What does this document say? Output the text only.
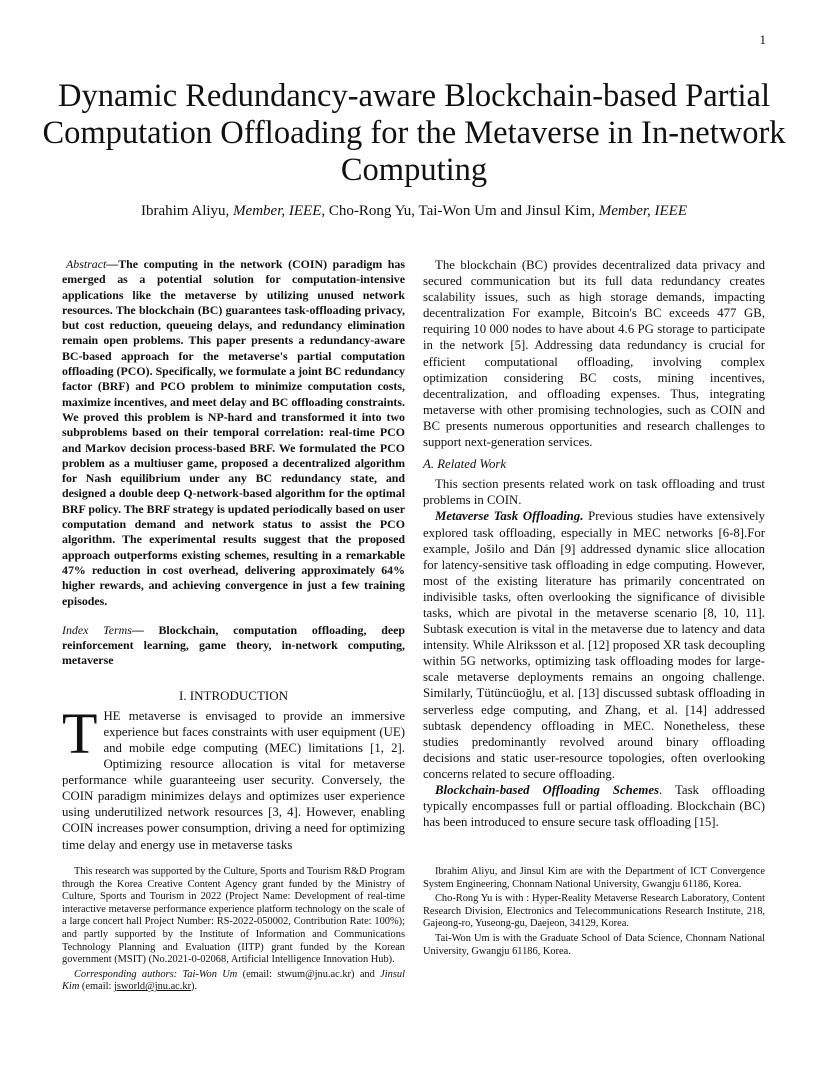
1
Dynamic Redundancy-aware Blockchain-based Partial Computation Offloading for the Metaverse in In-network Computing
Ibrahim Aliyu, Member, IEEE, Cho-Rong Yu, Tai-Won Um and Jinsul Kim, Member, IEEE

Abstract—The computing in the network (COIN) paradigm has emerged as a potential solution for computation-intensive applications like the metaverse by utilizing unused network resources. The blockchain (BC) guarantees task-offloading privacy, but cost reduction, queueing delays, and redundancy elimination remain open problems. This paper presents a redundancy-aware BC-based approach for the metaverse's partial computation offloading (PCO). Specifically, we formulate a joint BC redundancy factor (BRF) and PCO problem to minimize computation costs, maximize incentives, and meet delay and BC offloading constraints. We proved this problem is NP-hard and transformed it into two subproblems based on their temporal correlation: real-time PCO and Markov decision process-based BRF. We formulated the PCO problem as a multiuser game, proposed a decentralized algorithm for Nash equilibrium under any BC redundancy state, and designed a double deep Q-network-based algorithm for the optimal BRF policy. The BRF strategy is updated periodically based on user computation demand and network status to assist the PCO algorithm. The experimental results suggest that the proposed approach outperforms existing schemes, resulting in a remarkable 47% reduction in cost overhead, delivering approximately 64% higher rewards, and achieving convergence in just a few training episodes.

Index Terms— Blockchain, computation offloading, deep reinforcement learning, game theory, in-network computing, metaverse

I. INTRODUCTION

THE metaverse is envisaged to provide an immersive experience but faces constraints with user equipment (UE) and mobile edge computing (MEC) limitations [1, 2]. Optimizing resource allocation is vital for metaverse performance while guaranteeing user security. Conversely, the COIN paradigm minimizes delays and optimizes user experience using underutilized network resources [3, 4]. However, enabling COIN increases power consumption, driving a need for optimizing time delay and energy use in metaverse tasks

The blockchain (BC) provides decentralized data privacy and secured communication but its full data redundancy creates scalability issues, such as high storage demands, impacting decentralization For example, Bitcoin's BC exceeds 477 GB, requiring 10 000 nodes to have about 4.6 PG storage to participate in the network [5]. Addressing data redundancy is crucial for efficient computational offloading, involving complex optimization considering BC costs, mining incentives, decentralization, and offloading expenses. Thus, integrating metaverse with other promising technologies, such as COIN and BC presents numerous opportunities and research challenges to support next-generation services.

A. Related Work

This section presents related work on task offloading and trust problems in COIN.

Metaverse Task Offloading. Previous studies have extensively explored task offloading, especially in MEC networks [6-8].For example, Jošilo and Dán [9] addressed dynamic slice allocation for latency-sensitive task offloading in edge computing. However, most of the existing literature has primarily concentrated on indivisible tasks, often overlooking the significance of divisible tasks, which are pivotal in the metaverse scenario [8, 10, 11]. Subtask execution is vital in the metaverse due to latency and data intensity. While Alriksson et al. [12] proposed XR task decoupling within 5G networks, optimizing task offloading modes for large-scale metaverse deployments remains an ongoing challenge. Similarly, Tütüncüoğlu, et al. [13] discussed subtask offloading in serverless edge computing, and Zhang, et al. [14] addressed subtask dependency offloading in MEC. Nonetheless, these studies predominantly revolved around binary offloading decisions and static user-resource topologies, often overlooking concerns related to secure offloading.

Blockchain-based Offloading Schemes. Task offloading typically encompasses full or partial offloading. Blockchain (BC) has been introduced to ensure secure task offloading [15].

This research was supported by the Culture, Sports and Tourism R&D Program through the Korea Creative Content Agency grant funded by the Ministry of Culture, Sports and Tourism in 2022 (Project Name: Development of real-time interactive metaverse performance experience platform technology on the scale of a large concert hall Project Number: RS-2022-050002, Contribution Rate: 100%); and partly supported by the Institute of Information and Communications Technology Planning and Evaluation (IITP) grant funded by the Korean government (MSIT) (No.2021-0-02068, Artificial Intelligence Innovation Hub).

Corresponding authors: Tai-Won Um (email: stwum@jnu.ac.kr) and Jinsul Kim (email: jsworld@jnu.ac.kr).

Ibrahim Aliyu, and Jinsul Kim are with the Department of ICT Convergence System Engineering, Chonnam National University, Gwangju 61186, Korea.

Cho-Rong Yu is with : Hyper-Reality Metaverse Research Laboratory, Content Research Division, Electronics and Telecommunications Research Institute, 218, Gajeong-ro, Yuseong-gu, Daejeon, 34129, Korea.

Tai-Won Um is with the Graduate School of Data Science, Chonnam National University, Gwangju 61186, Korea.
